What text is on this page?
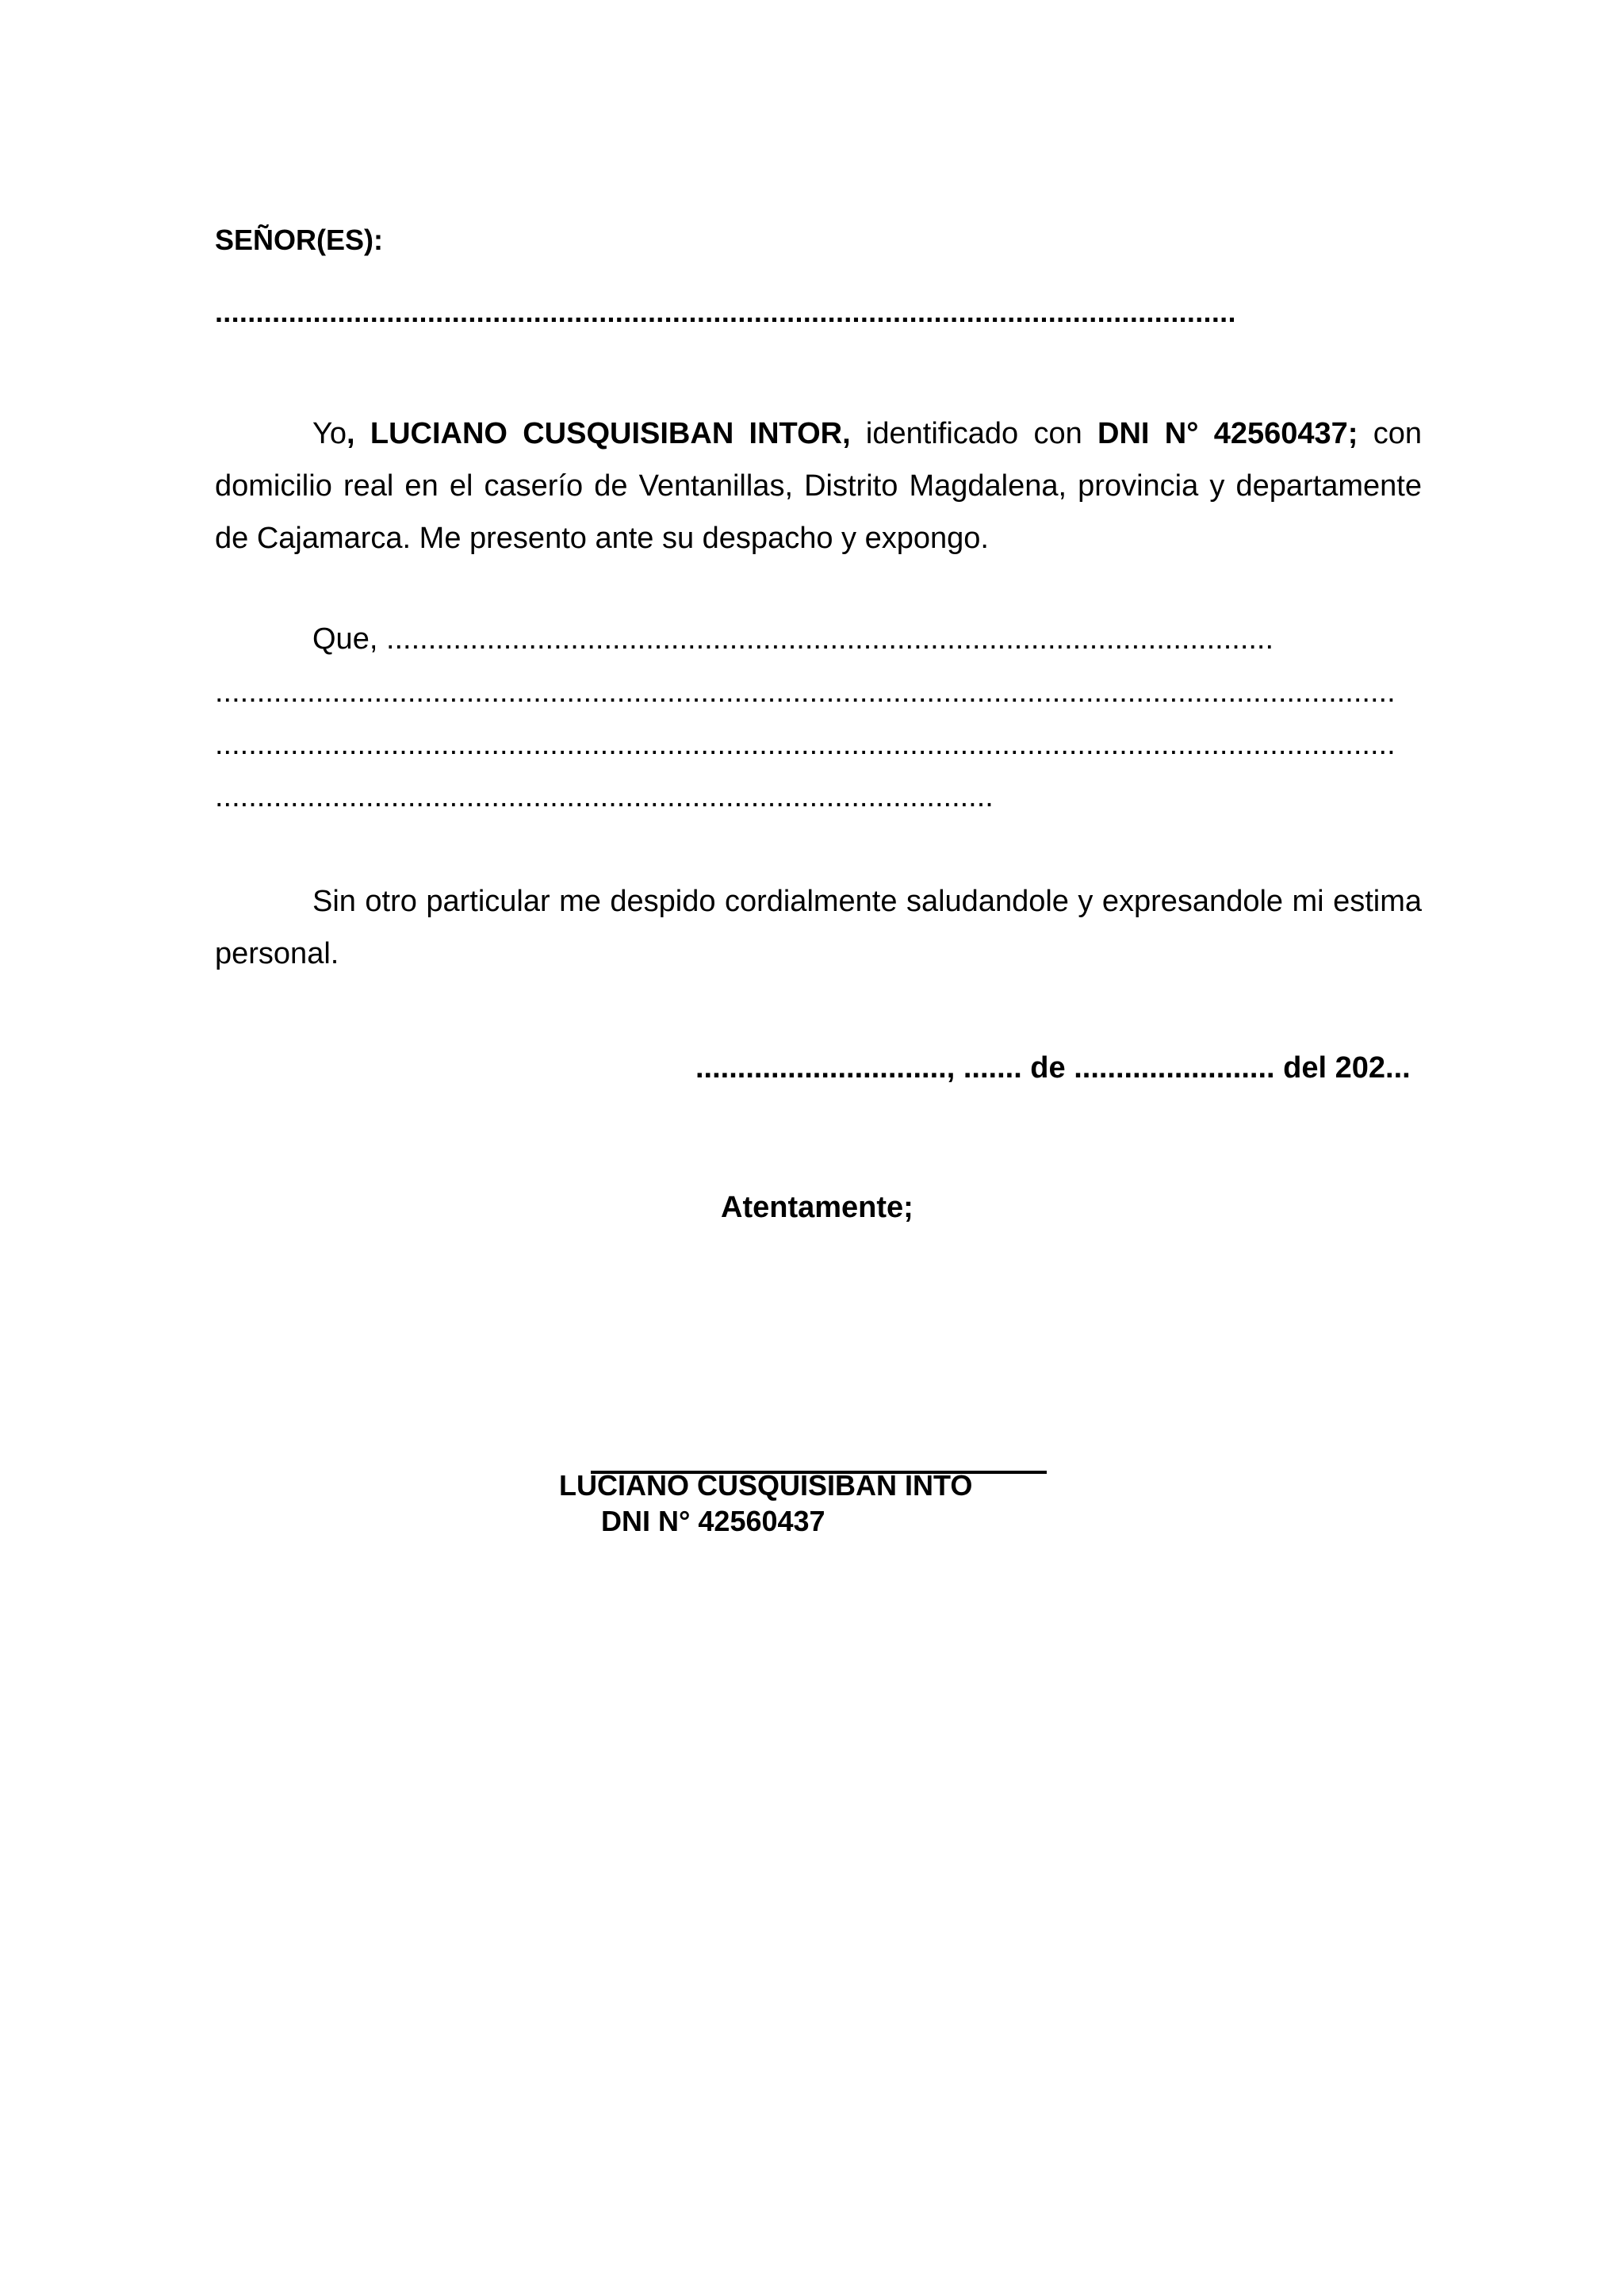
SEÑOR(ES):

.............................................................................................................................

Yo, LUCIANO CUSQUISIBAN INTOR, identificado con DNI N° 42560437; con domicilio real en el caserío de Ventanillas, Distrito Magdalena, provincia y departamente de Cajamarca. Me presento ante su despacho y expongo.

Que, ..........................................................................................................

.............................................................................................................................................

.............................................................................................................................................

.............................................................................................

Sin otro particular me despido cordialmente saludandole y expresandole mi estima personal.

.............................., ....... de ........................ del 202...

Atentamente;

LUCIANO CUSQUISIBAN INTO

DNI N° 42560437
